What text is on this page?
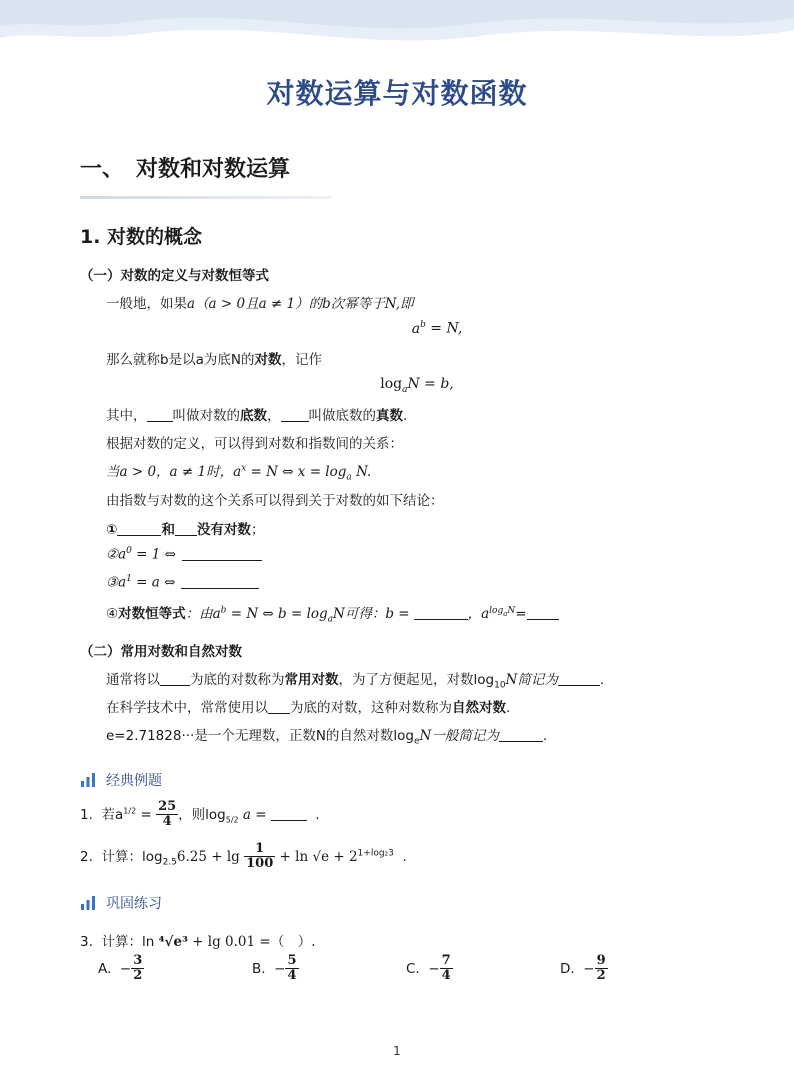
对数运算与对数函数
一、 对数和对数运算
1. 对数的概念
（一）对数的定义与对数恒等式
一般地，如果a（a > 0且a ≠ 1）的b次幂等于N,即
$a^b = N$,
那么就称b是以a为底N的对数，记作
$\log_aN = b$,
其中， 叫做对数的底数， 叫做底数的真数.
根据对数的定义，可以得到对数和指数间的关系：
当a > 0，a ≠ 1时，$a^x = N$ ⇔ $x = \log_a N$.
由指数与对数的这个关系可以得到关于对数的如下结论：
①	和 没有对数；
$②a^0 = 1$ ⇔
$③a^1 = a$ ⇔
④对数恒等式：由$a^b = N$ ⇔ $b = \log_aN$可得：b =	，$a^{log_aN}=$
（二）常用对数和自然对数
通常将以 为底的对数称为常用对数，为了方便起见，对数$\log_{10}N$简记为	.
在科学技术中，常常使用以 为底的对数，这种对数称为自然对数.
e=2.71828···是一个无理数，正数N的自然对数$\log_eN$一般简记为	.
经典例题
1. 若$a^{1/2} = \frac{25}{4}$ ，则$\log_{5/2} a$ =	.
2. 计算：$\log_{2.5}6.25 + \lg \frac{1}{100} + \ln √e + 2^{1+log_23}$ .
巩固练习
3. 计算：ln ⁴√e³ + lg 0.01 =（　）.
A. − $\frac{3}{2}$	B. − $\frac{5}{4}$	C. − $\frac{7}{4}$	D. − $\frac{9}{2}$
1
